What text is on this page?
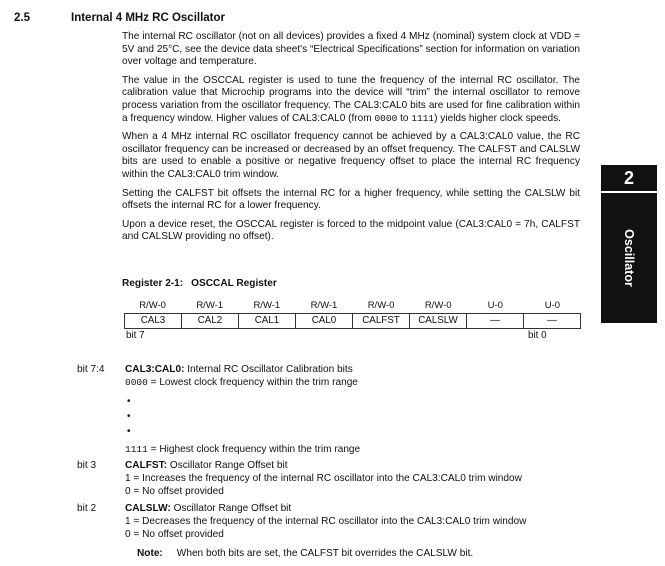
2.5	Internal 4 MHz RC Oscillator

The internal RC oscillator (not on all devices) provides a fixed 4 MHz (nominal) system clock at VDD = 5V and 25°C, see the device data sheet's “Electrical Specifications” section for information on variation over voltage and temperature.

The value in the OSCCAL register is used to tune the frequency of the internal RC oscillator. The calibration value that Microchip programs into the device will “trim” the internal oscillator to remove process variation from the oscillator frequency. The CAL3:CAL0 bits are used for fine calibration within a frequency window. Higher values of CAL3:CAL0 (from 0000 to 1111) yields higher clock speeds.

When a 4 MHz internal RC oscillator frequency cannot be achieved by a CAL3:CAL0 value, the RC oscillator frequency can be increased or decreased by an offset frequency. The CALFST and CALSLW bits are used to enable a positive or negative frequency offset to place the internal RC frequency within the CAL3:CAL0 trim window.

Setting the CALFST bit offsets the internal RC for a higher frequency, while setting the CALSLW bit offsets the internal RC for a lower frequency.

Upon a device reset, the OSCCAL register is forced to the midpoint value (CAL3:CAL0 = 7h, CALFST and CALSLW providing no offset).

2
Oscillator
Register 2-1: OSCCAL Register
R/W-0	R/W-1	R/W-1	R/W-1	R/W-0	R/W-0	U-0	U-0
CAL3	CAL2	CAL1	CAL0	CALFST	CALSLW	—	—
bit 7	bit 0
bit 7:4 CAL3:CAL0: Internal RC Oscillator Calibration bits
0000 = Lowest clock frequency within the trim range
•
•
•
1111 = Highest clock frequency within the trim range
bit 3	CALFST: Oscillator Range Offset bit
1 = Increases the frequency of the internal RC oscillator into the CAL3:CAL0 trim window
0 = No offset provided
bit 2	CALSLW: Oscillator Range Offset bit
1 = Decreases the frequency of the internal RC oscillator into the CAL3:CAL0 trim window
0 = No offset provided
Note: When both bits are set, the CALFST bit overrides the CALSLW bit.
